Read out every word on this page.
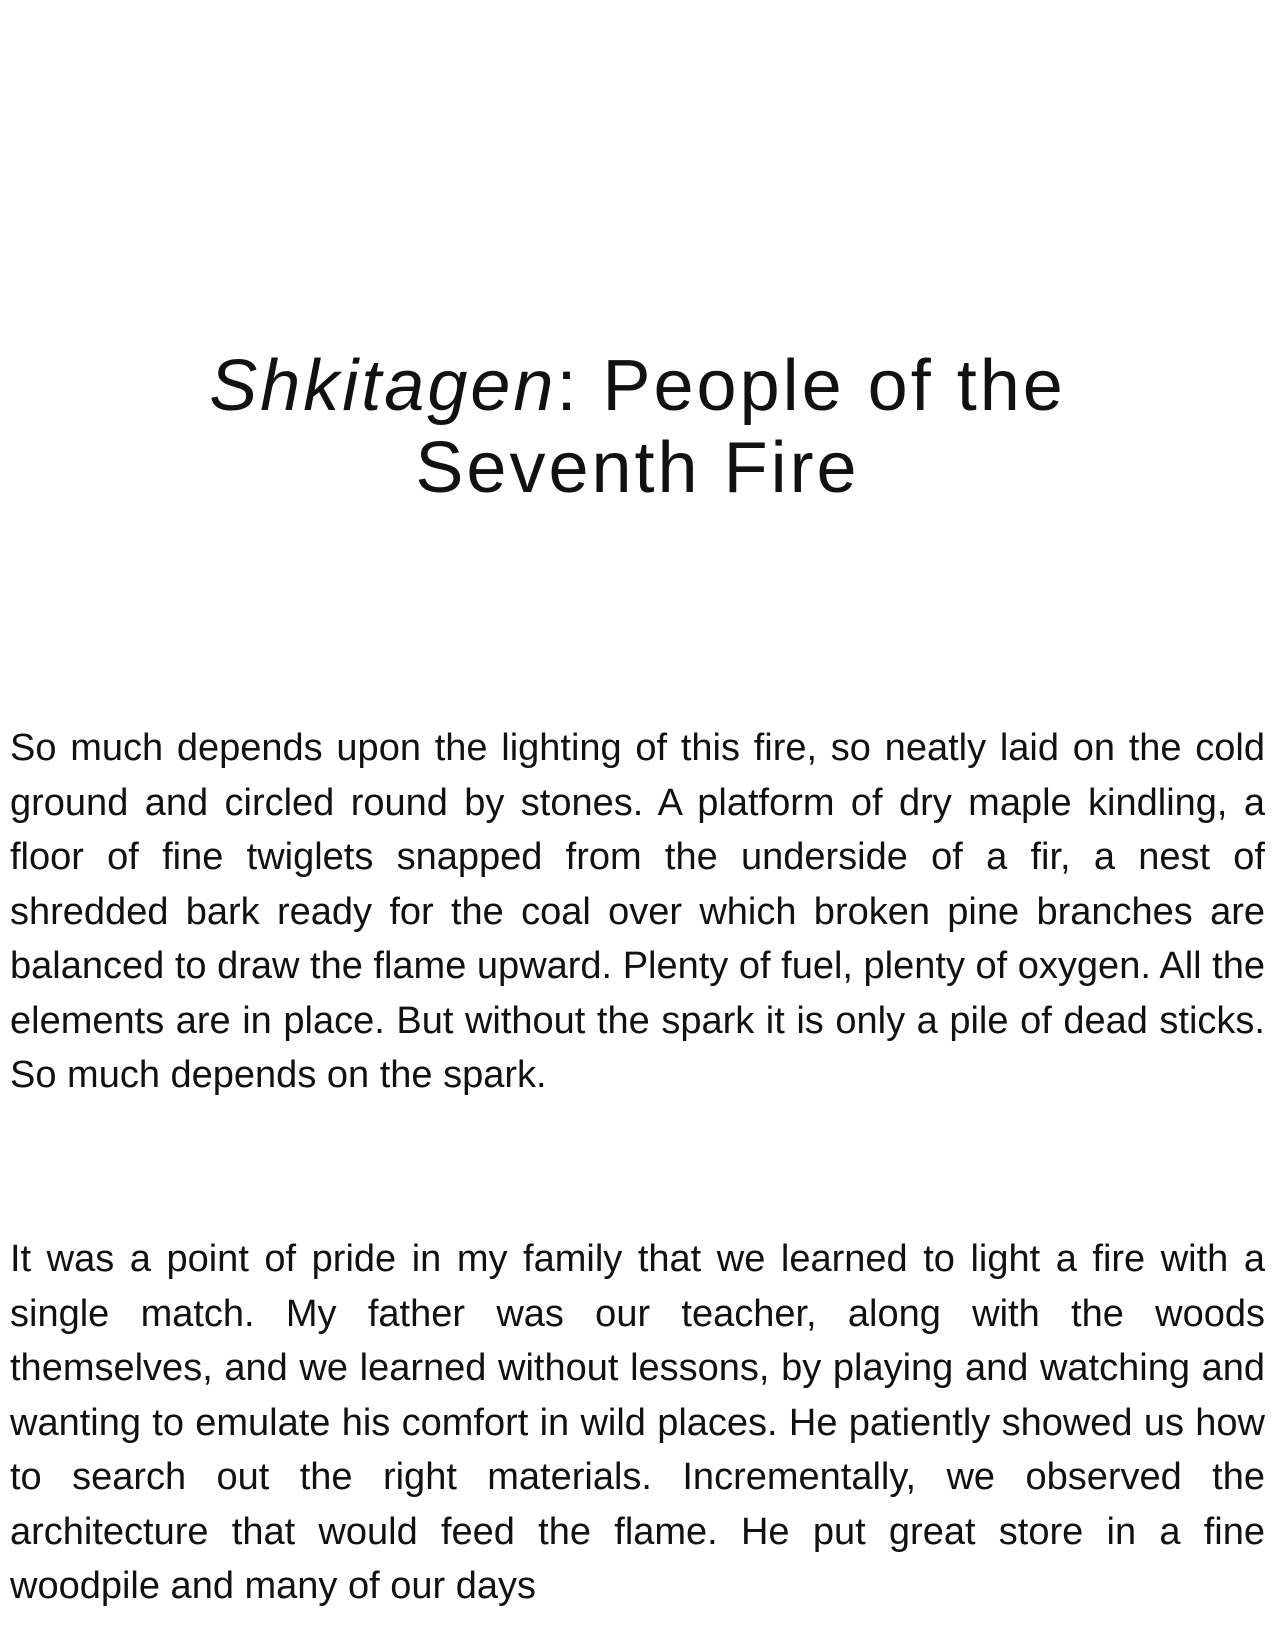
Shkitagen: People of the Seventh Fire

So much depends upon the lighting of this fire, so neatly laid on the cold ground and circled round by stones. A platform of dry maple kindling, a floor of fine twiglets snapped from the underside of a fir, a nest of shredded bark ready for the coal over which broken pine branches are balanced to draw the flame upward. Plenty of fuel, plenty of oxygen. All the elements are in place. But without the spark it is only a pile of dead sticks. So much depends on the spark.

It was a point of pride in my family that we learned to light a fire with a single match. My father was our teacher, along with the woods themselves, and we learned without lessons, by playing and watching and wanting to emulate his comfort in wild places. He patiently showed us how to search out the right materials. Incrementally, we observed the architecture that would feed the flame. He put great store in a fine woodpile and many of our days
